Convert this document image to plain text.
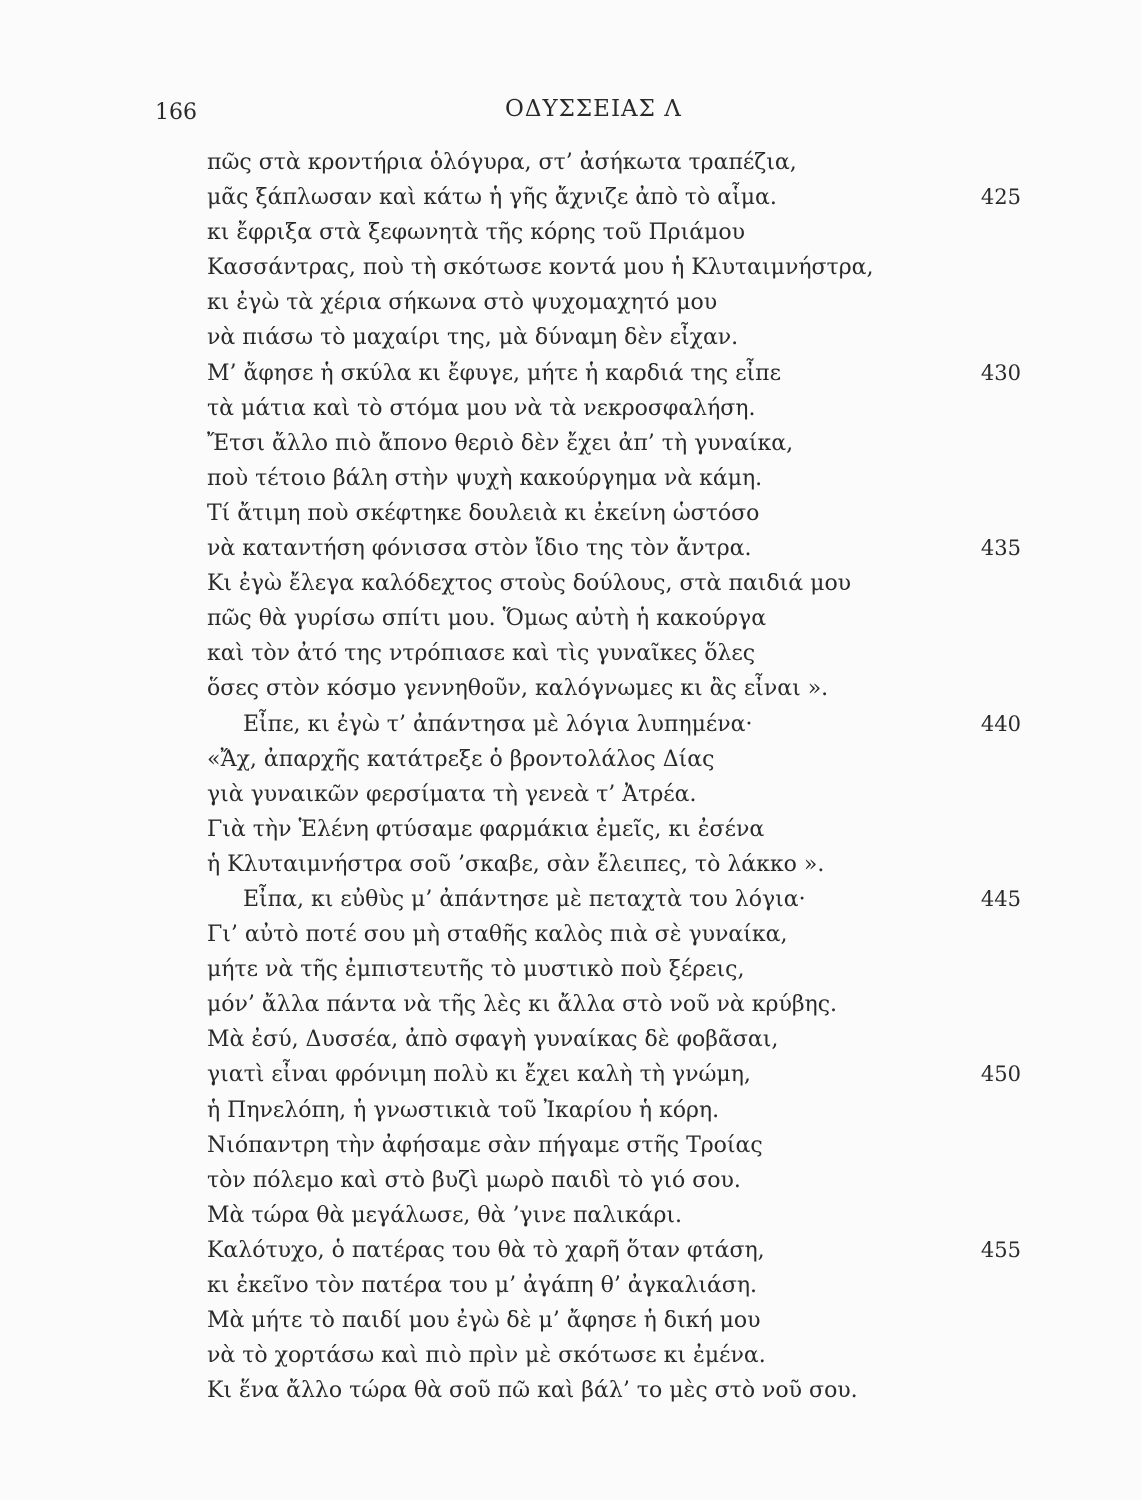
166	ΟΔΥΣΣΕΙΑΣ Λ
πῶς στὰ κροντήρια ὁλόγυρα, στ’ ἀσήκωτα τραπέζια,
μᾶς ξάπλωσαν καὶ κάτω ἡ γῆς ἄχνιζε ἀπὸ τὸ αἷμα.	425
κι ἔφριξα στὰ ξεφωνητὰ τῆς κόρης τοῦ Πριάμου
Κασσάντρας, ποὺ τὴ σκότωσε κοντά μου ἡ Κλυταιμνήστρα,
κι ἐγὼ τὰ χέρια σήκωνα στὸ ψυχομαχητό μου
νὰ πιάσω τὸ μαχαίρι της, μὰ δύναμη δὲν εἶχαν.
Μ’ ἄφησε ἡ σκύλα κι ἔφυγε, μήτε ἡ καρδιά της εἶπε	430
τὰ μάτια καὶ τὸ στόμα μου νὰ τὰ νεκροσφαλήση.
Ἔτσι ἄλλο πιὸ ἄπονο θεριὸ δὲν ἔχει ἀπ’ τὴ γυναίκα,
ποὺ τέτοιο βάλη στὴν ψυχὴ κακούργημα νὰ κάμη.
Τί ἄτιμη ποὺ σκέφτηκε δουλειὰ κι ἐκείνη ὡστόσο
νὰ καταντήση φόνισσα στὸν ἴδιο της τὸν ἄντρα.	435
Κι ἐγὼ ἔλεγα καλόδεχτος στοὺς δούλους, στὰ παιδιά μου
πῶς θὰ γυρίσω σπίτι μου. Ὅμως αὐτὴ ἡ κακούργα
καὶ τὸν ἀτό της ντρόπιασε καὶ τὶς γυναῖκες ὅλες
ὅσες στὸν κόσμο γεννηθοῦν, καλόγνωμες κι ἂς εἶναι ».
Εἶπε, κι ἐγὼ τ’ ἀπάντησα μὲ λόγια λυπημένα·	440
«Ἄχ, ἀπαρχῆς κατάτρεξε ὁ βροντολάλος Δίας
γιὰ γυναικῶν φερσίματα τὴ γενεὰ τ’ Ἀτρέα.
Γιὰ τὴν Ἑλένη φτύσαμε φαρμάκια ἐμεῖς, κι ἐσένα
ἡ Κλυταιμνήστρα σοῦ ’σκαβε, σὰν ἔλειπες, τὸ λάκκο ».
Εἶπα, κι εὐθὺς μ’ ἀπάντησε μὲ πεταχτὰ του λόγια·	445
Γι’ αὐτὸ ποτέ σου μὴ σταθῆς καλὸς πιὰ σὲ γυναίκα,
μήτε νὰ τῆς ἐμπιστευτῆς τὸ μυστικὸ ποὺ ξέρεις,
μόν’ ἄλλα πάντα νὰ τῆς λὲς κι ἄλλα στὸ νοῦ νὰ κρύβης.
Μὰ ἐσύ, Δυσσέα, ἀπὸ σφαγὴ γυναίκας δὲ φοβᾶσαι,
γιατὶ εἶναι φρόνιμη πολὺ κι ἔχει καλὴ τὴ γνώμη,	450
ἡ Πηνελόπη, ἡ γνωστικιὰ τοῦ Ἰκαρίου ἡ κόρη.
Νιόπαντρη τὴν ἀφήσαμε σὰν πήγαμε στῆς Τροίας
τὸν πόλεμο καὶ στὸ βυζὶ μωρὸ παιδὶ τὸ γιό σου.
Μὰ τώρα θὰ μεγάλωσε, θὰ ’γινε παλικάρι.
Καλότυχο, ὁ πατέρας του θὰ τὸ χαρῆ ὅταν φτάση,	455
κι ἐκεῖνο τὸν πατέρα του μ’ ἀγάπη θ’ ἀγκαλιάση.
Μὰ μήτε τὸ παιδί μου ἐγὼ δὲ μ’ ἄφησε ἡ δική μου
νὰ τὸ χορτάσω καὶ πιὸ πρὶν μὲ σκότωσε κι ἐμένα.
Κι ἕνα ἄλλο τώρα θὰ σοῦ πῶ καὶ βάλ’ το μὲς στὸ νοῦ σου.
